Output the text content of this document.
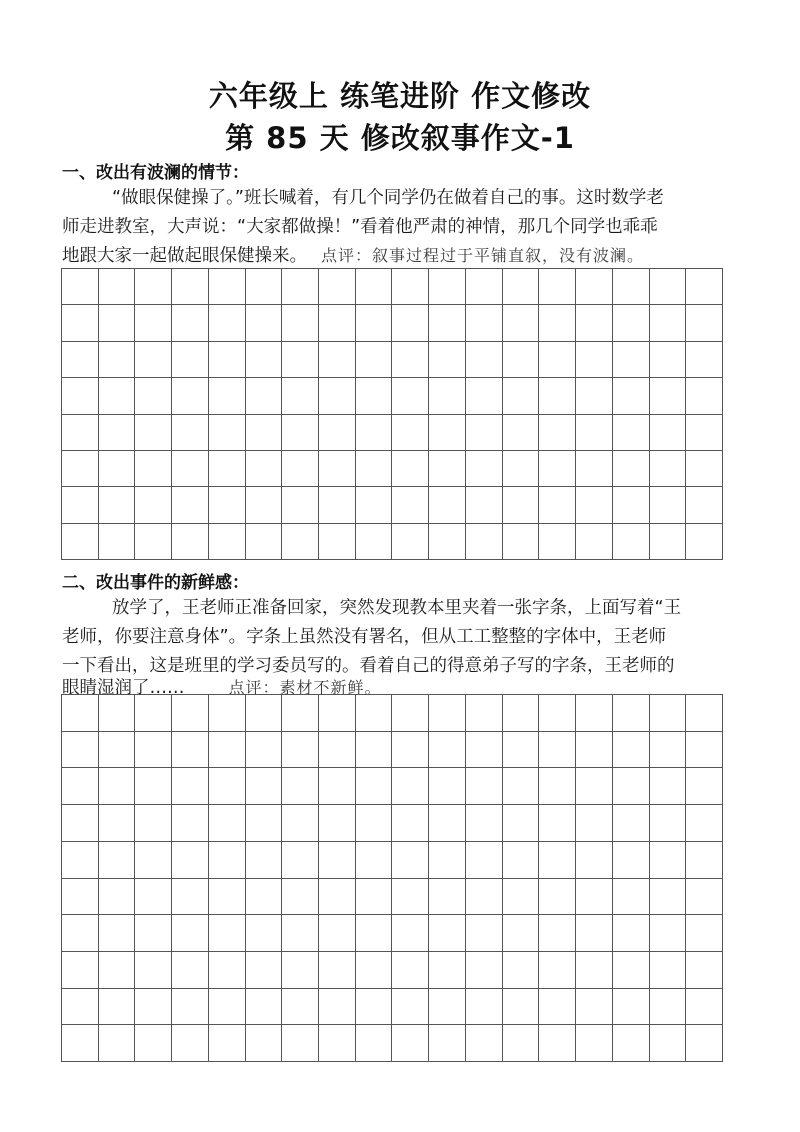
六年级上 练笔进阶 作文修改
第 85 天 修改叙事作文-1
一、改出有波澜的情节：
“做眼保健操了。”班长喊着，有几个同学仍在做着自己的事。这时数学老
师走进教室，大声说：“大家都做操！”看着他严肃的神情，那几个同学也乖乖
地跟大家一起做起眼保健操来。 点评：叙事过程过于平铺直叙，没有波澜。
二、改出事件的新鲜感：
放学了，王老师正准备回家，突然发现教本里夹着一张字条，上面写着“王
老师，你要注意身体”。字条上虽然没有署名，但从工工整整的字体中，王老师
一下看出，这是班里的学习委员写的。看着自己的得意弟子写的字条，王老师的
眼睛湿润了……	点评：素材不新鲜。
